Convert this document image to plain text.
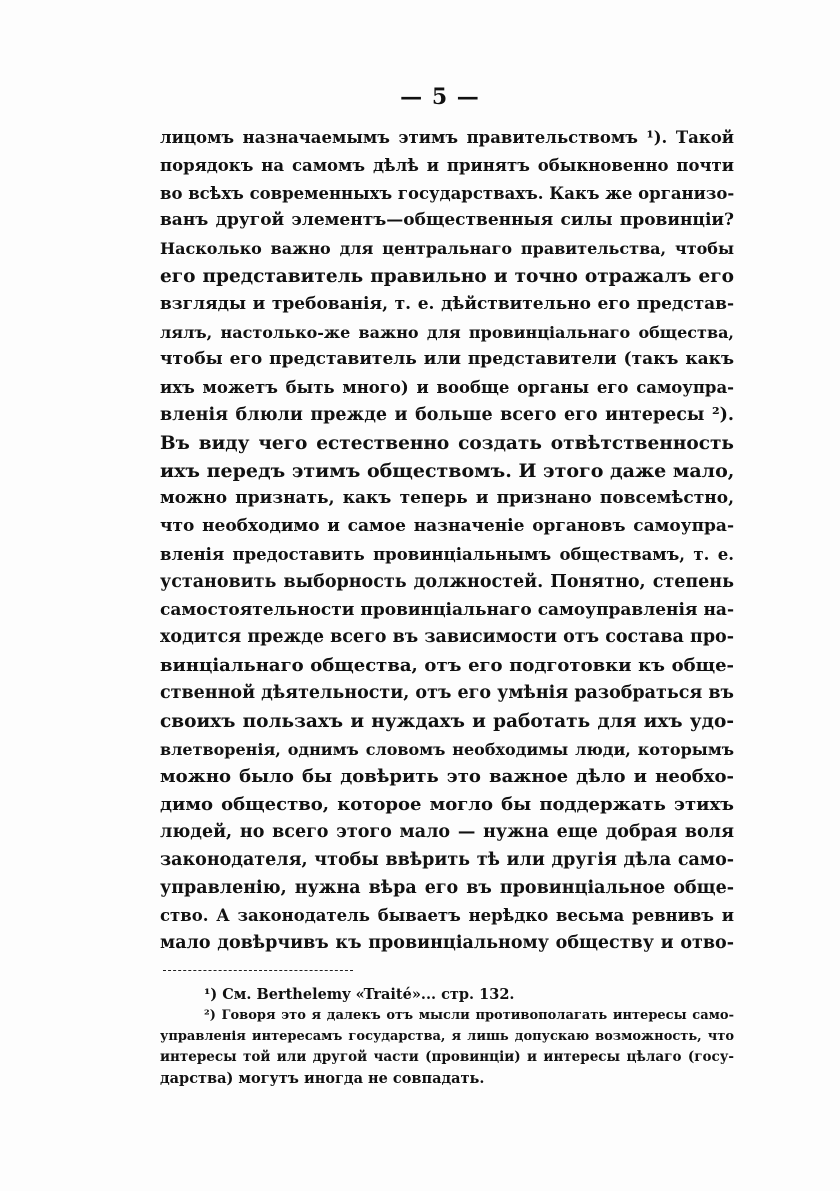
— 5 —
лицомъ назначаемымъ этимъ правительствомъ ¹). Такой
порядокъ на самомъ дѣлѣ и принятъ обыкновенно почти
во всѣхъ современныхъ государствахъ. Какъ же организо-
ванъ другой элементъ—общественныя силы провинціи?
Насколько важно для центральнаго правительства, чтобы
его представитель правильно и точно отражалъ его
взгляды и требованія, т. е. дѣйствительно его представ-
лялъ, настолько-же важно для провинціальнаго общества,
чтобы его представитель или представители (такъ какъ
ихъ можетъ быть много) и вообще органы его самоупра-
вленія блюли прежде и больше всего его интересы ²).
Въ виду чего естественно создать отвѣтственность
ихъ передъ этимъ обществомъ. И этого даже мало,
можно признать, какъ теперь и признано повсемѣстно,
что необходимо и самое назначеніе органовъ самоупра-
вленія предоставить провинціальнымъ обществамъ, т. е.
установить выборность должностей. Понятно, степень
самостоятельности провинціальнаго самоуправленія на-
ходится прежде всего въ зависимости отъ состава про-
винціальнаго общества, отъ его подготовки къ обще-
ственной дѣятельности, отъ его умѣнія разобраться въ
своихъ пользахъ и нуждахъ и работать для ихъ удо-
влетворенія, однимъ словомъ необходимы люди, которымъ
можно было бы довѣрить это важное дѣло и необхо-
димо общество, которое могло бы поддержать этихъ
людей, но всего этого мало — нужна еще добрая воля
законодателя, чтобы ввѣрить тѣ или другія дѣла само-
управленію, нужна вѣра его въ провинціальное обще-
ство. А законодатель бываетъ нерѣдко весьма ревнивъ и
мало довѣрчивъ къ провинціальному обществу и отво-
¹) См. Berthelemy «Traité»... стр. 132.
²) Говоря это я далекъ отъ мысли противополагать интересы само-
управленія интересамъ государства, я лишь допускаю возможность, что
интересы той или другой части (провинціи) и интересы цѣлаго (госу-
дарства) могутъ иногда не совпадать.
